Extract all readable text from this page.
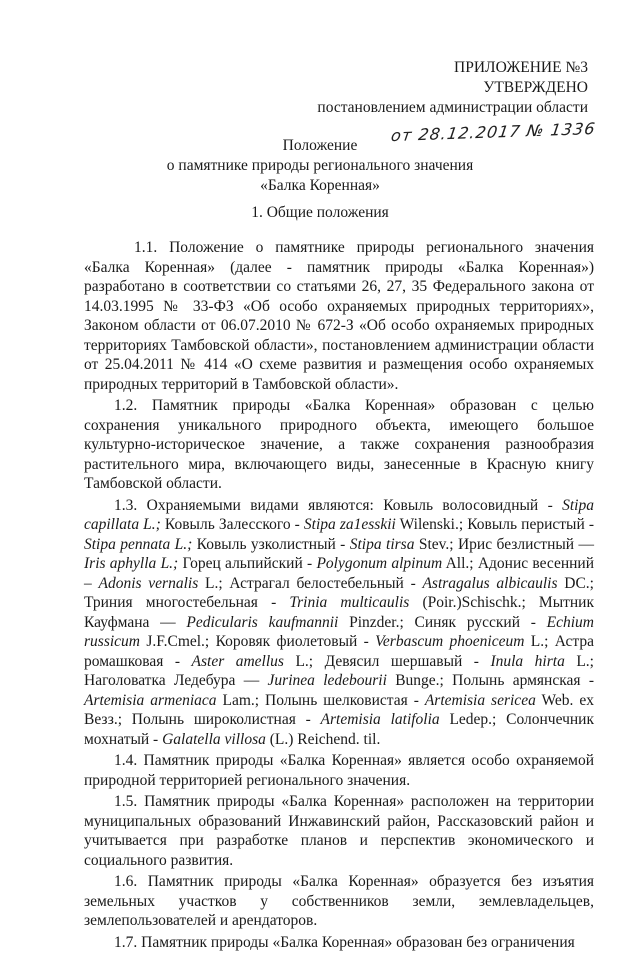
ПРИЛОЖЕНИЕ №3
УТВЕРЖДЕНО
постановлением администрации области
от 28.12.2017 № 1336
Положение
о памятнике природы регионального значения
«Балка Коренная»
1. Общие положения

1.1. Положение о памятнике природы регионального значения «Балка Коренная» (далее - памятник природы «Балка Коренная») разработано в соответствии со статьями 26, 27, 35 Федерального закона от 14.03.1995 № 33-ФЗ «Об особо охраняемых природных территориях», Законом области от 06.07.2010 № 672-З «Об особо охраняемых природных территориях Тамбовской области», постановлением администрации области от 25.04.2011 № 414 «О схеме развития и размещения особо охраняемых природных территорий в Тамбовской области».

1.2. Памятник природы «Балка Коренная» образован с целью сохранения уникального природного объекта, имеющего большое культурно-историческое значение, а также сохранения разнообразия растительного мира, включающего виды, занесенные в Красную книгу Тамбовской области.

1.3. Охраняемыми видами являются: Ковыль волосовидный - Stipa capillata L.; Ковыль Залесского - Stipa za1esskii Wilenski.; Ковыль перистый - Stipa pennata L.; Ковыль узколистный - Stipa tirsa Stev.; Ирис безлистный — Iris aphylla L.; Горец альпийский - Polygonum alpinum All.; Адонис весенний – Adonis vernalis L.; Астрагал белостебельный - Astragalus albicaulis DC.; Триния многостебельная - Trinia multicaulis (Poir.)Schischk.; Мытник Кауфмана — Pedicularis kaufmannii Pinzder.; Синяк русский - Echium russicum J.F.Cmel.; Коровяк фиолетовый - Verbascum phoeniceum L.; Астра ромашковая - Aster amellus L.; Девясил шершавый - Inula hirta L.; Наголоватка Ледебура — Jurinea ledebourii Bunge.; Полынь армянская - Artemisia armeniaca Lam.; Полынь шелковистая - Artemisia sericea Web. ex Везз.; Полынь широколистная - Artemisia latifolia Ledep.; Солончечник мохнатый - Galatella villosa (L.) Reichend. til.

1.4. Памятник природы «Балка Коренная» является особо охраняемой природной территорией регионального значения.

1.5. Памятник природы «Балка Коренная» расположен на территории муниципальных образований Инжавинский район, Рассказовский район и учитывается при разработке планов и перспектив экономического и социального развития.

1.6. Памятник природы «Балка Коренная» образуется без изъятия земельных участков у собственников земли, землевладельцев, землепользователей и арендаторов.

1.7. Памятник природы «Балка Коренная» образован без ограничения
